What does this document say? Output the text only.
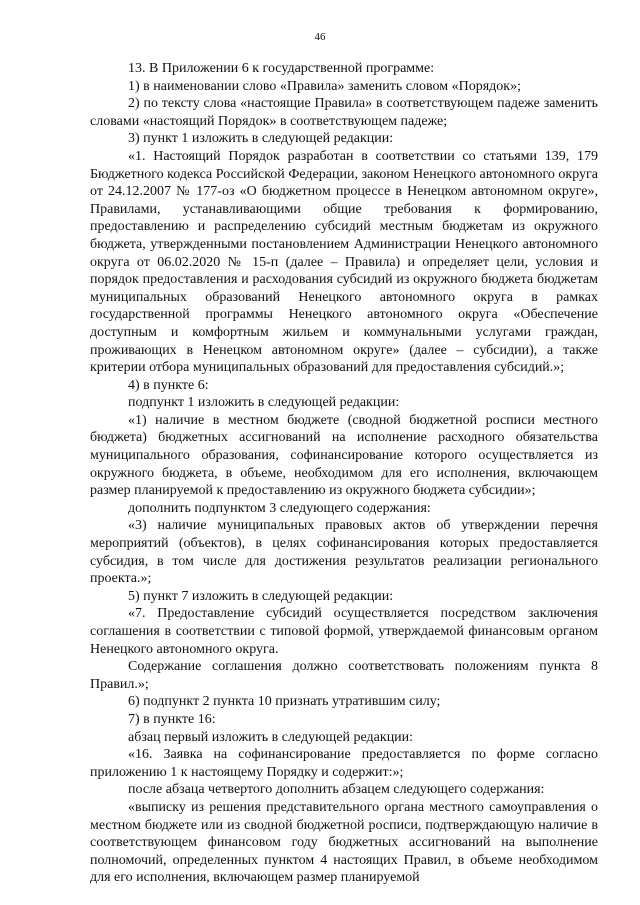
46

13. В Приложении 6 к государственной программе:

1) в наименовании слово «Правила» заменить словом «Порядок»;

2) по тексту слова «настоящие Правила» в соответствующем падеже заменить словами «настоящий Порядок» в соответствующем падеже;

3) пункт 1 изложить в следующей редакции:

«1. Настоящий Порядок разработан в соответствии со статьями 139, 179 Бюджетного кодекса Российской Федерации, законом Ненецкого автономного округа от 24.12.2007 № 177-оз «О бюджетном процессе в Ненецком автономном округе», Правилами, устанавливающими общие требования к формированию, предоставлению и распределению субсидий местным бюджетам из окружного бюджета, утвержденными постановлением Администрации Ненецкого автономного округа от 06.02.2020 № 15-п (далее – Правила) и определяет цели, условия и порядок предоставления и расходования субсидий из окружного бюджета бюджетам муниципальных образований Ненецкого автономного округа в рамках государственной программы Ненецкого автономного округа «Обеспечение доступным и комфортным жильем и коммунальными услугами граждан, проживающих в Ненецком автономном округе» (далее – субсидии), а также критерии отбора муниципальных образований для предоставления субсидий.»;

4) в пункте 6:

подпункт 1 изложить в следующей редакции:

«1) наличие в местном бюджете (сводной бюджетной росписи местного бюджета) бюджетных ассигнований на исполнение расходного обязательства муниципального образования, софинансирование которого осуществляется из окружного бюджета, в объеме, необходимом для его исполнения, включающем размер планируемой к предоставлению из окружного бюджета субсидии»;

дополнить подпунктом 3 следующего содержания:

«3) наличие муниципальных правовых актов об утверждении перечня мероприятий (объектов), в целях софинансирования которых предоставляется субсидия, в том числе для достижения результатов реализации регионального проекта.»;

5) пункт 7 изложить в следующей редакции:

«7. Предоставление субсидий осуществляется посредством заключения соглашения в соответствии с типовой формой, утверждаемой финансовым органом Ненецкого автономного округа.

Содержание соглашения должно соответствовать положениям пункта 8 Правил.»;

6) подпункт 2 пункта 10 признать утратившим силу;

7) в пункте 16:

абзац первый изложить в следующей редакции:

«16. Заявка на софинансирование предоставляется по форме согласно приложению 1 к настоящему Порядку и содержит:»;

после абзаца четвертого дополнить абзацем следующего содержания:

«выписку из решения представительного органа местного самоуправления о местном бюджете или из сводной бюджетной росписи, подтверждающую наличие в соответствующем финансовом году бюджетных ассигнований на выполнение полномочий, определенных пунктом 4 настоящих Правил, в объеме необходимом для его исполнения, включающем размер планируемой
